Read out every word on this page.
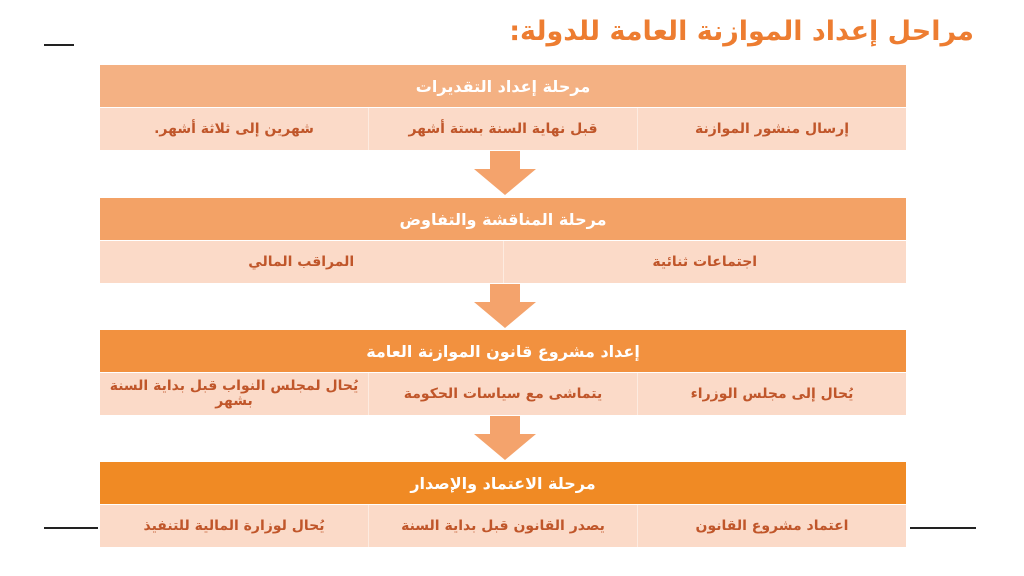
مراحل إعداد الموازنة العامة للدولة:
مرحلة إعداد التقديرات
إرسال منشور الموازنة
قبل نهاية السنة بستة أشهر
شهرين إلى ثلاثة أشهر.
مرحلة المناقشة والتفاوض
اجتماعات ثنائية
المراقب المالي
إعداد مشروع قانون الموازنة العامة
يُحال إلى مجلس الوزراء
يتماشى مع سياسات الحكومة
يُحال لمجلس النواب قبل بداية السنة بشهر
مرحلة الاعتماد والإصدار
اعتماد مشروع القانون
يصدر القانون قبل بداية السنة
يُحال لوزارة المالية للتنفيذ
